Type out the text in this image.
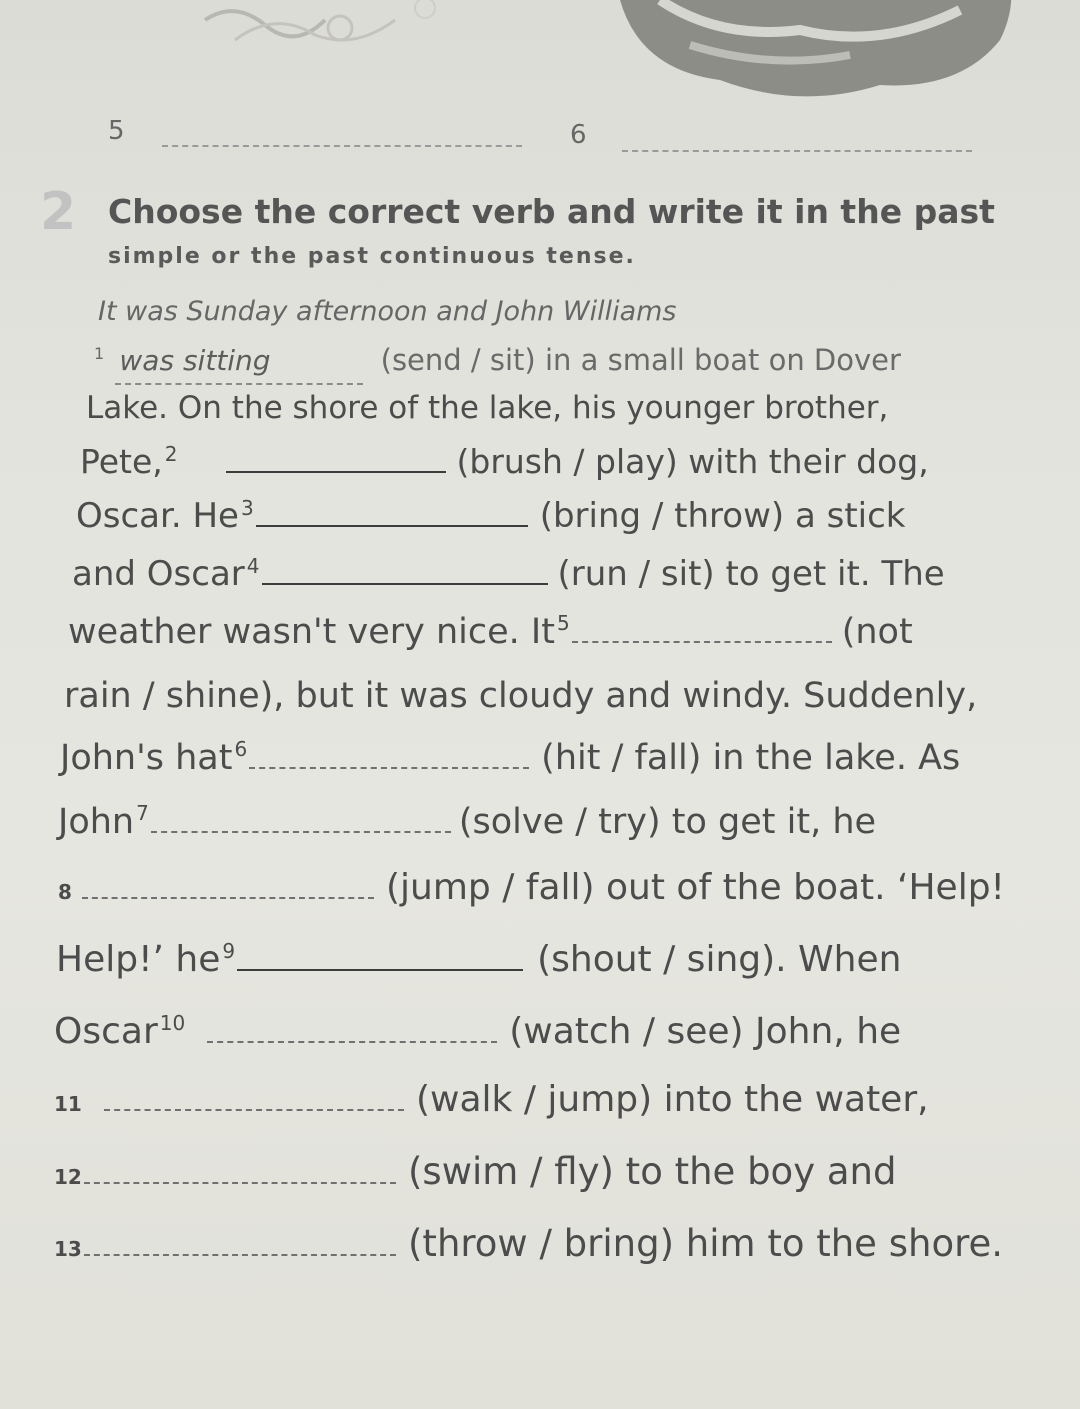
5	6
2 Choose the correct verb and write it in the past
simple or the past continuous tense.
It was Sunday afternoon and John Williams
$^1$ was sitting	(send / sit) in a small boat on Dover
Lake. On the shore of the lake, his younger brother,
Pete, $^2$	(brush / play) with their dog,
Oscar. He $^3$	(bring / throw) a stick
and Oscar $^4$	(run / sit) to get it. The
weather wasn't very nice. It $^5$	(not
rain / shine), but it was cloudy and windy. Suddenly,
John's hat $^6$	(hit / fall) in the lake. As
John $^7$	(solve / try) to get it, he
8	(jump / fall) out of the boat. ‘Help!
Help!’ he $^9$	(shout / sing). When
Oscar $^{10}$	(watch / see) John, he
11	(walk / jump) into the water,
12	(swim / fly) to the boy and
13	(throw / bring) him to the shore.
